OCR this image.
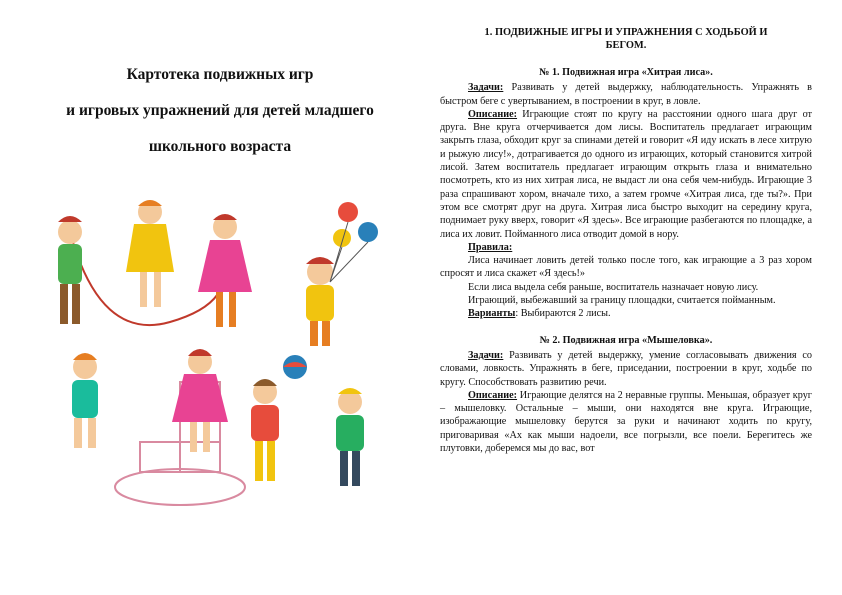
Картотека подвижных игр
и игровых упражнений для детей младшего
школьного возраста
1. ПОДВИЖНЫЕ ИГРЫ И УПРАЖНЕНИЯ С ХОДЬБОЙ И
БЕГОМ.
№ 1. Подвижная игра «Хитрая лиса».

Задачи: Развивать у детей выдержку, наблюдательность. Упражнять в быстром беге с увертыванием, в построении в круг, в ловле.

Описание: Играющие стоят по кругу на расстоянии одного шага друг от друга. Вне круга отчерчивается дом лисы. Воспитатель предлагает играющим закрыть глаза, обходит круг за спинами детей и говорит «Я иду искать в лесе хитрую и рыжую лису!», дотрагивается до одного из играющих, который становится хитрой лисой. Затем воспитатель предлагает играющим открыть глаза и внимательно посмотреть, кто из них хитрая лиса, не выдаст ли она себя чем-нибудь. Играющие 3 раза спрашивают хором, вначале тихо, а затем громче «Хитрая лиса, где ты?». При этом все смотрят друг на друга. Хитрая лиса быстро выходит на середину круга, поднимает руку вверх, говорит «Я здесь». Все играющие разбегаются по площадке, а лиса их ловит. Пойманного лиса отводит домой в нору.

Правила:

Лиса начинает ловить детей только после того, как играющие а 3 раз хором спросят и лиса скажет «Я здесь!»

Если лиса выдела себя раньше, воспитатель назначает новую лису.

Играющий, выбежавший за границу площадки, считается пойманным.

Варианты: Выбираются 2 лисы.

№ 2. Подвижная игра «Мышеловка».

Задачи: Развивать у детей выдержку, умение согласовывать движения со словами, ловкость. Упражнять в беге, приседании, построении в круг, ходьбе по кругу. Способствовать развитию речи.

Описание: Играющие делятся на 2 неравные группы. Меньшая, образует круг – мышеловку. Остальные – мыши, они находятся вне круга. Играющие, изображающие мышеловку берутся за руки и начинают ходить по кругу, приговаривая «Ах как мыши надоели, все погрызли, все поели. Берегитесь же плутовки, доберемся мы до вас, вот
